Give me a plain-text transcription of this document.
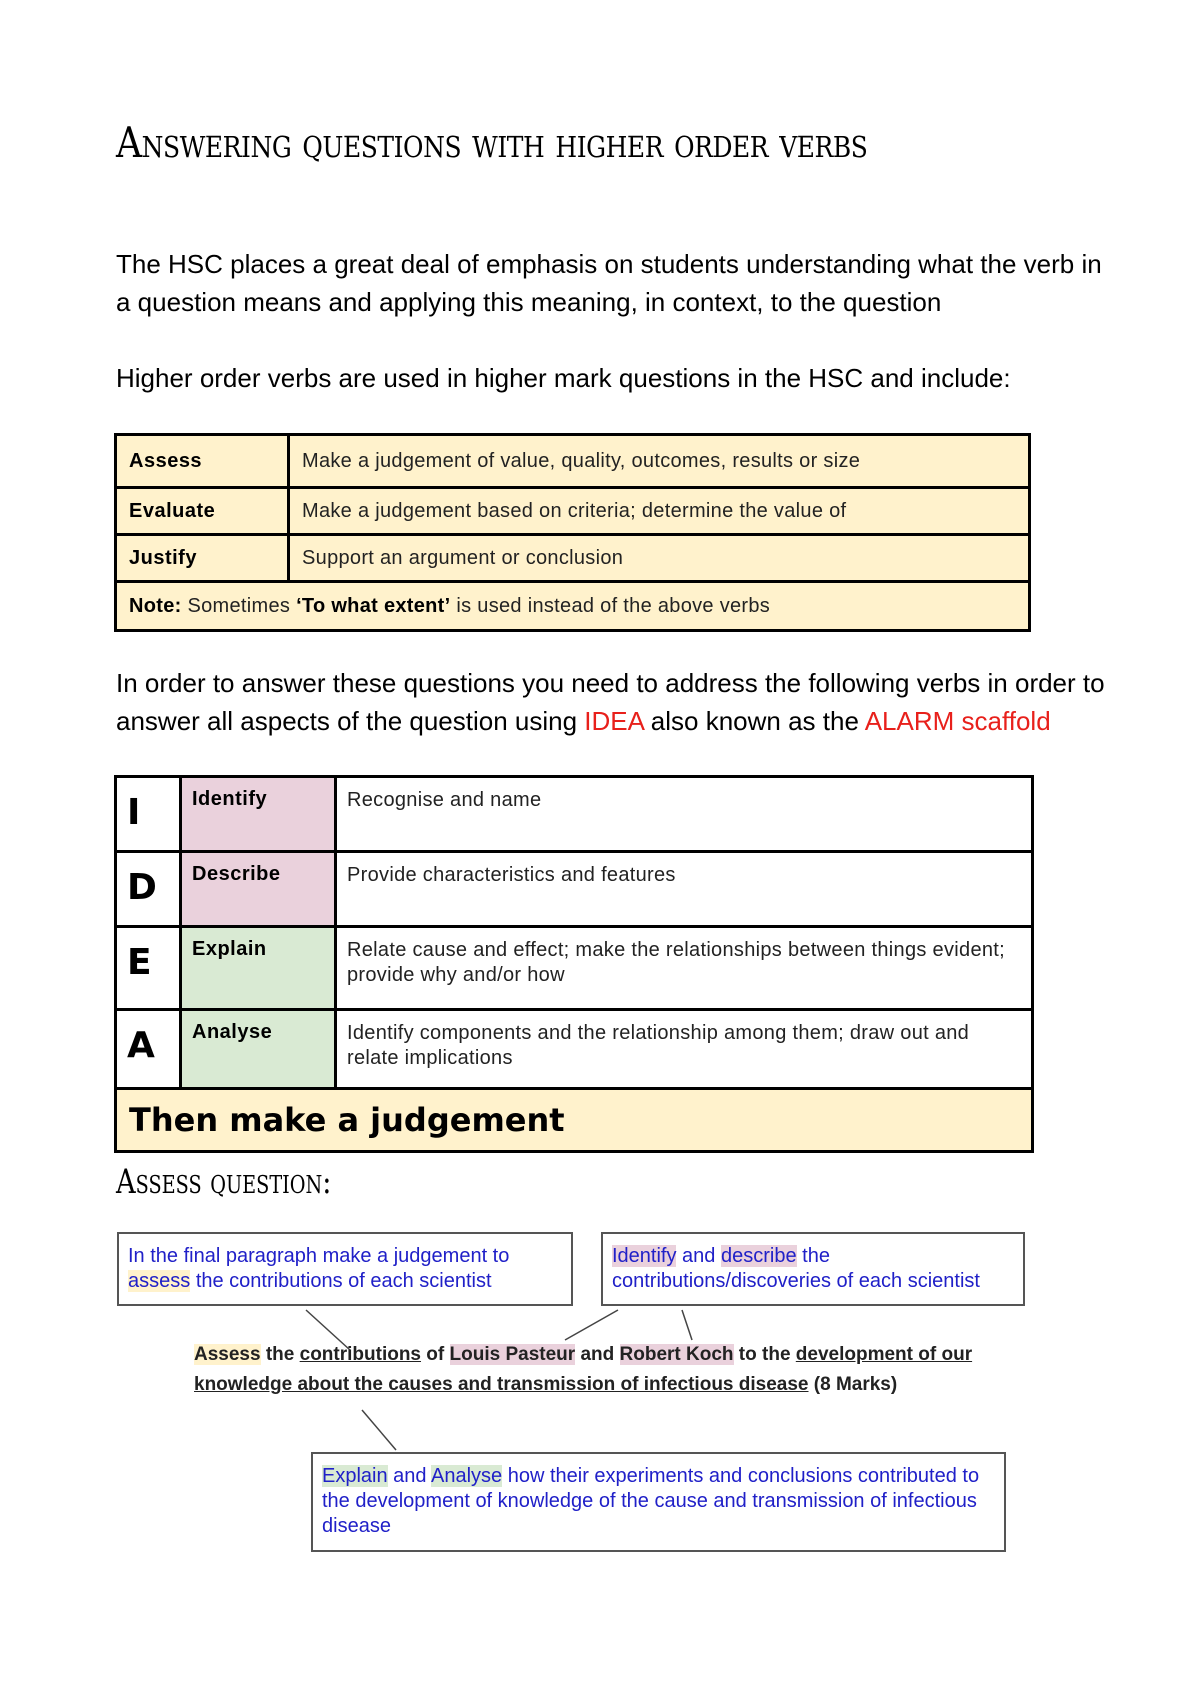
Answering questions with higher order verbs

The HSC places a great deal of emphasis on students understanding what the verb in a question means and applying this meaning, in context, to the question

Higher order verbs are used in higher mark questions in the HSC and include:

Assess	Make a judgement of value, quality, outcomes, results or size
Evaluate	Make a judgement based on criteria; determine the value of
Justify	Support an argument or conclusion
Note: Sometimes ‘To what extent’ is used instead of the above verbs	

In order to answer these questions you need to address the following verbs in order to answer all aspects of the question using IDEA also known as the ALARM scaffold

I	Identify	Recognise and name
D	Describe	Provide characteristics and features
E	Explain	Relate cause and effect; make the relationships between things evident; provide why and/or how
A	Analyse	Identify components and the relationship among them; draw out and relate implications
Then make a judgement		
Assess question:
In the final paragraph make a judgement to assess the contributions of each scientist
Identify and describe the contributions/discoveries of each scientist

Assess the contributions of Louis Pasteur and Robert Koch to the development of our knowledge about the causes and transmission of infectious disease (8 Marks)

Explain and Analyse how their experiments and conclusions contributed to the development of knowledge of the cause and transmission of infectious disease
